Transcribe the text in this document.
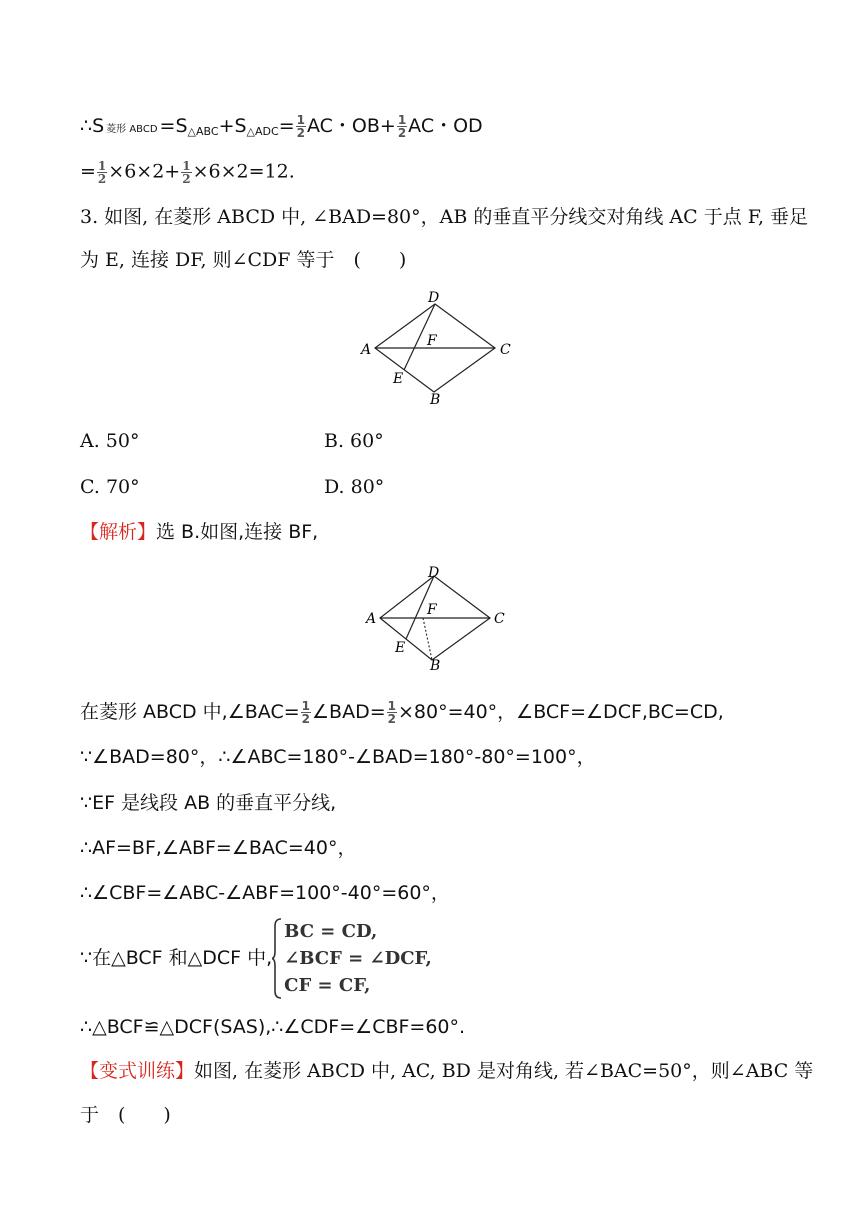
∴S 菱形 ABCD $=S_{\triangle ABC}+S_{\triangle ADC}= \frac{1}{2}$ AC・$OB+ \frac{1}{2}$ AC・OD
= $\frac{1}{2} \times 6\times 2+ \frac{1}{2} \times 6\times 2=12$.
3. 如图, 在菱形 ABCD 中, ∠BAD=80°，AB 的垂直平分线交对角线 AC 于点 F, 垂足
为 E, 连接 DF, 则∠CDF 等于　(　　)
D
A	C
F
E
B
A. 50°	B. 60°
C. 70°	D. 80°
【解析】选 B.如图,连接 BF,
D
A	C
F
E
B
在菱形 ABCD 中,∠BAC= $\frac{1}{2}$ ∠BAD= $\frac{1}{2} \times 80^\circ=40^\circ$，∠BCF=∠DCF,BC=CD,
∵∠BAD=80°，∴∠ABC=180°-∠BAD=180°-80°=100°，
∵EF 是线段 AB 的垂直平分线,
∴AF=BF,∠ABF=∠BAC=40°，
∴∠CBF=∠ABC-∠ABF=100°-40°=60°，
∵在△BCF 和△DCF 中,
BC = CD,
∠BCF = ∠DCF,
CF = CF,
∴△BCF≌△DCF(SAS),∴∠CDF=∠CBF=60°.
【变式训练】如图, 在菱形 ABCD 中, AC, BD 是对角线, 若∠BAC=50°，则∠ABC 等
于　(　　)
